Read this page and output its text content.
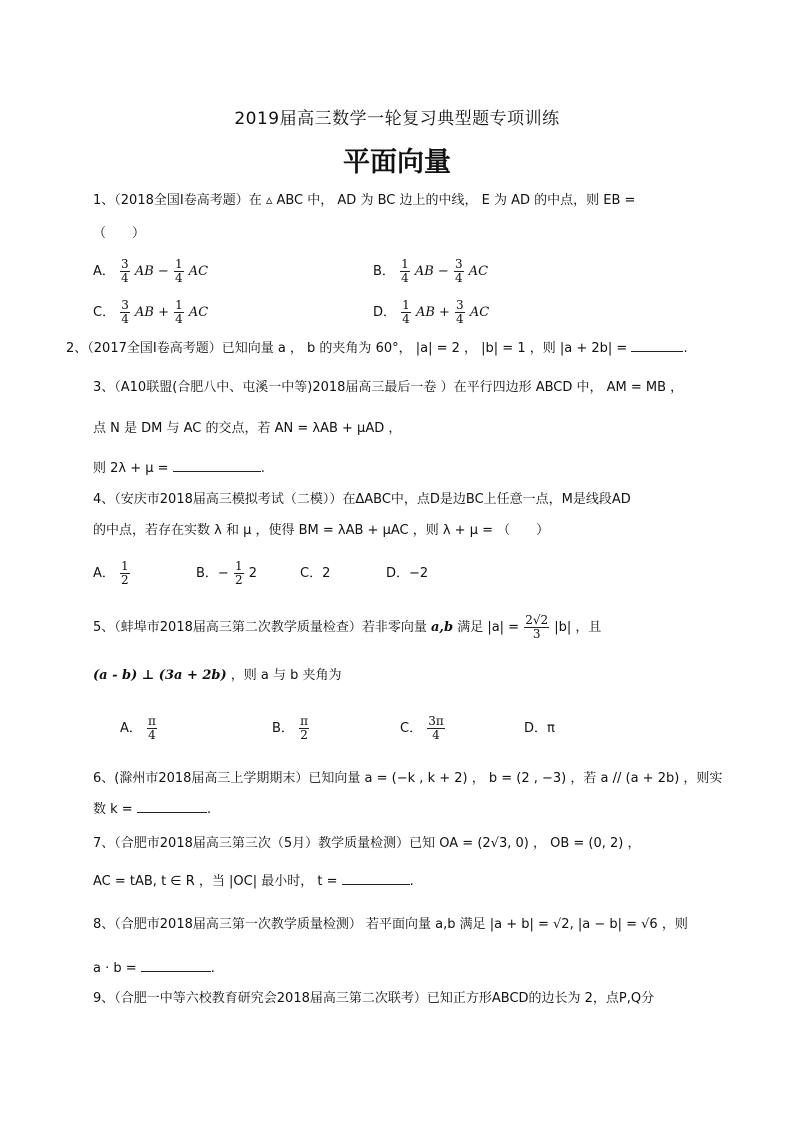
2019届高三数学一轮复习典型题专项训练
平面向量
1、（2018全国I卷高考题）在 ▵ ABC 中， AD 为 BC 边上的中线， E 为 AD 的中点，则 EB =
（　　）
A． $\frac{3}{4}$ AB − $\frac{1}{4}$ AC	B． $\frac{1}{4}$ AB − $\frac{3}{4}$ AC
C． $\frac{3}{4}$ AB + $\frac{1}{4}$ AC	D． $\frac{1}{4}$ AB + $\frac{3}{4}$ AC
2、（2017全国I卷高考题）已知向量 a ， b 的夹角为 60°， |a| = 2 ， |b| = 1 ，则 |a + 2b| =	.
3、（A10联盟(合肥八中、屯溪一中等)2018届高三最后一卷 ）在平行四边形 ABCD 中， AM = MB ，
点 N 是 DM 与 AC 的交点，若 AN = λAB + μAD ，
则 2λ + μ =	.
4、（安庆市2018届高三模拟考试（二模））在ΔABC中，点D是边BC上任意一点，M是线段AD
的中点，若存在实数 λ 和 μ ，使得 BM = λAB + μAC ，则 λ + μ = （　　）
A． $\frac{1}{2}$	B．− $\frac{1}{2} 2$	C．2	D．−2
5、（蚌埠市2018届高三第二次教学质量检查）若非零向量 a,b 满足 $|a| = \frac{2√2}{3} |b|$ ，且
(a - b) ⊥ (3a + 2b) ，则 a 与 b 夹角为
A． $\frac{\pi}{4}$	B． $\frac{\pi}{2}$	C． $\frac{3\pi}{4}$	D．π
6、(滁州市2018届高三上学期期末）已知向量 a = (−k , k + 2) ， b = (2 , −3) ，若 a // (a + 2b) ，则实
数 k =	.
7、（合肥市2018届高三第三次（5月）教学质量检测）已知 OA = (2√3, 0) ， OB = (0, 2) ，
AC = tAB, t ∈ R ，当 |OC| 最小时， t =	.
8、（合肥市2018届高三第一次教学质量检测） 若平面向量 a,b 满足 |a + b| = √2, |a − b| = √6 ，则
a · b =	.
9、（合肥一中等六校教育研究会2018届高三第二次联考）已知正方形ABCD的边长为 2，点P,Q分
